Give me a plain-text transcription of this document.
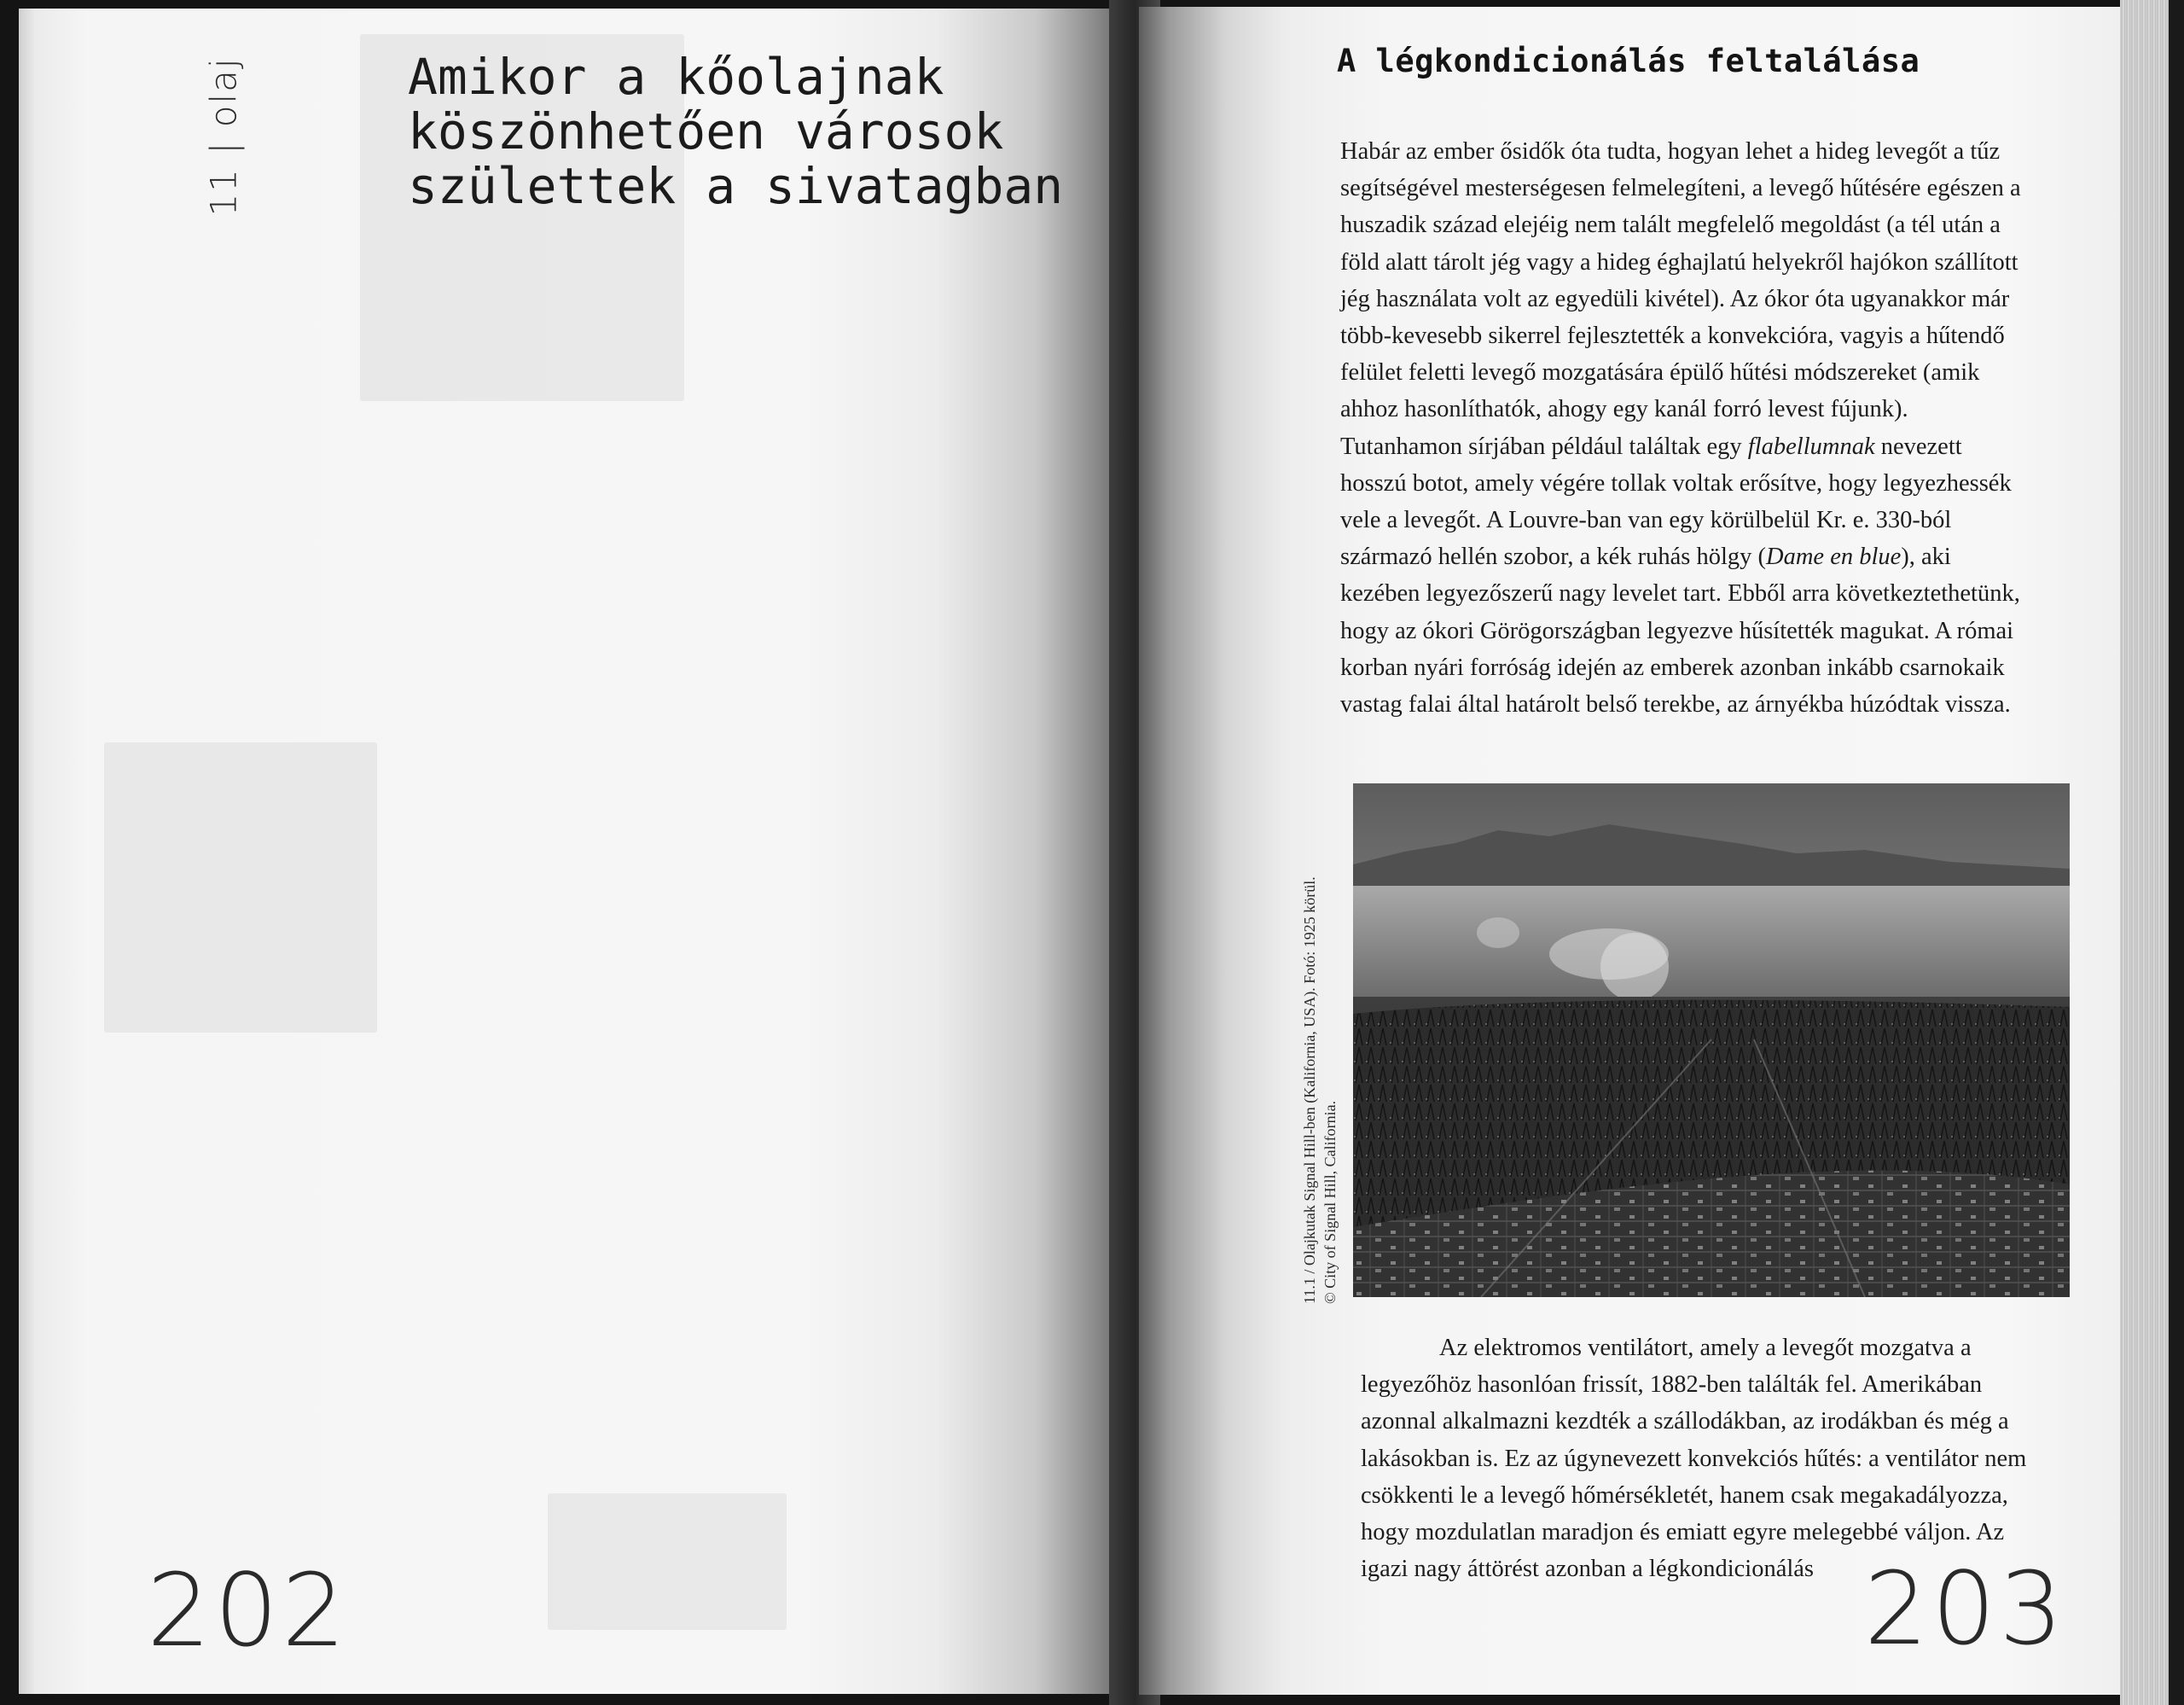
11 | olaj	Amikor a kőolajnak
köszönhetően városok
születtek a sivatagban
202
A légkondicionálás feltalálása

Habár az ember ősidők óta tudta, hogyan lehet a hideg levegőt a tűz segítségével mesterségesen felmelegíteni, a levegő hűtésére egészen a huszadik század elejéig nem talált megfelelő megoldást (a tél után a föld alatt tárolt jég vagy a hideg éghajlatú helyekről hajókon szállított jég használata volt az egyedüli kivétel). Az ókor óta ugyanakkor már több-kevesebb sikerrel fejlesztették a konvekcióra, vagyis a hűtendő felület feletti levegő mozgatására épülő hűtési módszereket (amik ahhoz hasonlíthatók, ahogy egy kanál forró levest fújunk). Tutanhamon sírjában például találtak egy flabellumnak nevezett hosszú botot, amely végére tollak voltak erősítve, hogy legyezhessék vele a levegőt. A Louvre-ban van egy körülbelül Kr. e. 330-ból származó hellén szobor, a kék ruhás hölgy (Dame en blue), aki kezében legyezőszerű nagy levelet tart. Ebből arra következtethetünk, hogy az ókori Görögországban legyezve hűsítették magukat. A római korban nyári forróság idején az emberek azonban inkább csarnokaik vastag falai által határolt belső terekbe, az árnyékba húzódtak vissza.

11.1 / Olajkutak Signal Hill-ben (Kalifornia, USA). Fotó: 1925 körül. © City of Signal Hill, California.

Az elektromos ventilátort, amely a levegőt mozgatva a legyezőhöz hasonlóan frissít, 1882-ben találták fel. Amerikában azonnal alkalmazni kezdték a szállodákban, az irodákban és még a lakásokban is. Ez az úgynevezett konvekciós hűtés: a ventilátor nem csökkenti le a levegő hőmérsékletét, hanem csak megakadályozza, hogy mozdulatlan maradjon és emiatt egyre melegebbé váljon. Az igazi nagy áttörést azonban a légkondicionálás 203
